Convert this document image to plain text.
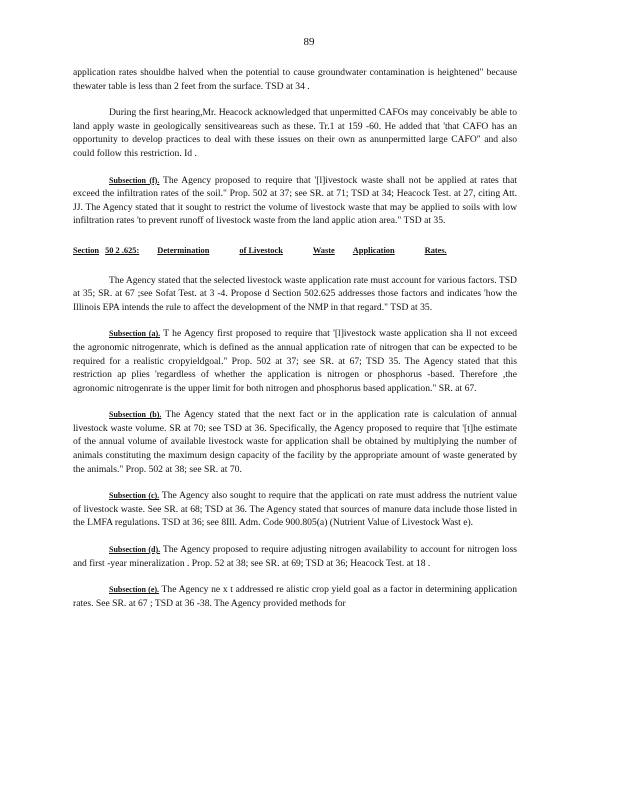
89

application rates shouldbe halved when the potential to cause groundwater contamination is heightened" because thewater table is less than 2 feet from the surface. TSD at 34 .

During the first hearing,Mr. Heacock acknowledged that unpermitted CAFOs may conceivably be able to land apply waste in geologically sensitiveareas such as these. Tr.1 at 159 -60. He added that 'that CAFO has an opportunity to develop practices to deal with these issues on their own as anunpermitted large CAFO" and also could follow this restriction. Id .

Subsection (f). The Agency proposed to require that '[l]ivestock waste shall not be applied at rates that exceed the infiltration rates of the soil." Prop. 502 at 37; see SR. at 71; TSD at 34; Heacock Test. at 27, citing Att. JJ. The Agency stated that it sought to restrict the volume of livestock waste that may be applied to soils with low infiltration rates 'to prevent runoff of livestock waste from the land applic ation area." TSD at 35.

Section 50 2 .625: Determination	of Livestock	Waste Application	Rates.

The Agency stated that the selected livestock waste application rate must account for various factors. TSD at 35; SR. at 67 ;see Sofat Test. at 3 -4. Propose d Section 502.625 addresses those factors and indicates 'how the Illinois EPA intends the rule to affect the development of the NMP in that regard." TSD at 35.

Subsection (a). T he Agency first proposed to require that '[l]ivestock waste application sha ll not exceed the agronomic nitrogenrate, which is defined as the annual application rate of nitrogen that can be expected to be required for a realistic cropyieldgoal." Prop. 502 at 37; see SR. at 67; TSD 35. The Agency stated that this restriction ap plies 'regardless of whether the application is nitrogen or phosphorus -based. Therefore ,the agronomic nitrogenrate is the upper limit for both nitrogen and phosphorus based application." SR. at 67.

Subsection (b). The Agency stated that the next fact or in the application rate is calculation of annual livestock waste volume. SR at 70; see TSD at 36. Specifically, the Agency proposed to require that '[t]he estimate of the annual volume of available livestock waste for application shall be obtained by multiplying the number of animals constituting the maximum design capacity of the facility by the appropriate amount of waste generated by the animals." Prop. 502 at 38; see SR. at 70.

Subsection (c). The Agency also sought to require that the applicati on rate must address the nutrient value of livestock waste. See SR. at 68; TSD at 36. The Agency stated that sources of manure data include those listed in the LMFA regulations. TSD at 36; see 8Ill. Adm. Code 900.805(a) (Nutrient Value of Livestock Wast e).

Subsection (d). The Agency proposed to require adjusting nitrogen availability to account for nitrogen loss and first -year mineralization . Prop. 52 at 38; see SR. at 69; TSD at 36; Heacock Test. at 18 .

Subsection (e). The Agency ne x t addressed re alistic crop yield goal as a factor in determining application rates. See SR. at 67 ; TSD at 36 -38. The Agency provided methods for
